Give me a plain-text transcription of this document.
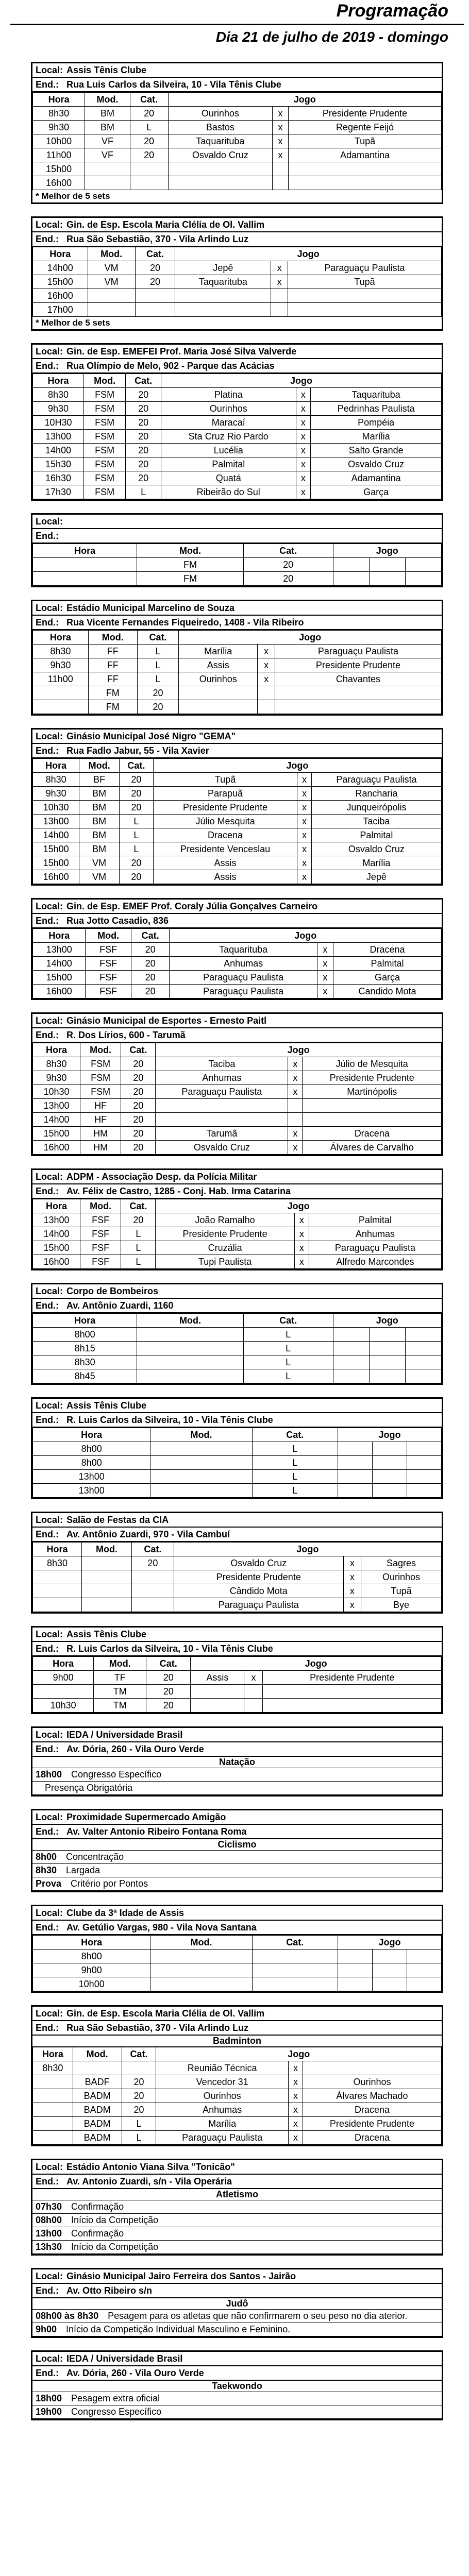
Programação
Dia 21 de julho de 2019 - domingo
Local: Assis Tênis Clube
End.: Rua Luis Carlos da Silveira, 10 - Vila Tênis Clube
Hora	Mod.	Cat.	Jogo		
8h30	BM	20	Ourinhos	x	Presidente Prudente
9h30	BM	L	Bastos	x	Regente Feijó
10h00	VF	20	Taquarituba	x	Tupã
11h00	VF	20	Osvaldo Cruz	x	Adamantina
15h00					
16h00					
* Melhor de 5 sets
Local: Gin. de Esp. Escola Maria Clélia de Ol. Vallim
End.: Rua São Sebastião, 370 - Vila Arlindo Luz
Hora	Mod.	Cat.	Jogo		
14h00	VM	20	Jepê	x	Paraguaçu Paulista
15h00	VM	20	Taquarituba	x	Tupã
16h00					
17h00					
* Melhor de 5 sets
Local: Gin. de Esp. EMEFEI Prof. Maria José Silva Valverde
End.: Rua Olímpio de Melo, 902 - Parque das Acácias
Hora	Mod.	Cat.	Jogo		
8h30	FSM	20	Platina	x	Taquarituba
9h30	FSM	20	Ourinhos	x	Pedrinhas Paulista
10H30	FSM	20	Maracaí	x	Pompéia
13h00	FSM	20	Sta Cruz Rio Pardo	x	Marília
14h00	FSM	20	Lucélia	x	Salto Grande
15h30	FSM	20	Palmital	x	Osvaldo Cruz
16h30	FSM	20	Quatá	x	Adamantina
17h30	FSM	L	Ribeirão do Sul	x	Garça
Local:
End.:
Hora	Mod.	Cat.	Jogo		
	FM	20			
	FM	20			
Local: Estádio Municipal Marcelino de Souza
End.: Rua Vicente Fernandes Fiqueiredo, 1408 - Vila Ribeiro
Hora	Mod.	Cat.	Jogo		
8h30	FF	L	Marília	x	Paraguaçu Paulista
9h30	FF	L	Assis	x	Presidente Prudente
11h00	FF	L	Ourinhos	x	Chavantes
	FM	20			
	FM	20			
Local: Ginásio Municipal José Nigro "GEMA"
End.: Rua Fadlo Jabur, 55 - Vila Xavier
Hora	Mod.	Cat.	Jogo		
8h30	BF	20	Tupã	x	Paraguaçu Paulista
9h30	BM	20	Parapuã	x	Rancharia
10h30	BM	20	Presidente Prudente	x	Junqueirópolis
13h00	BM	L	Júlio Mesquita	x	Taciba
14h00	BM	L	Dracena	x	Palmital
15h00	BM	L	Presidente Venceslau	x	Osvaldo Cruz
15h00	VM	20	Assis	x	Marília
16h00	VM	20	Assis	x	Jepê
Local: Gin. de Esp. EMEF Prof. Coraly Júlia Gonçalves Carneiro
End.: Rua Jotto Casadio, 836
Hora	Mod.	Cat.	Jogo		
13h00	FSF	20	Taquarituba	x	Dracena
14h00	FSF	20	Anhumas	x	Palmital
15h00	FSF	20	Paraguaçu Paulista	x	Garça
16h00	FSF	20	Paraguaçu Paulista	x	Candido Mota
Local: Ginásio Municipal de Esportes - Ernesto Paitl
End.: R. Dos Lírios, 600 - Tarumã
Hora	Mod.	Cat.	Jogo		
8h30	FSM	20	Taciba	x	Júlio de Mesquita
9h30	FSM	20	Anhumas	x	Presidente Prudente
10h30	FSM	20	Paraguaçu Paulista	x	Martinópolis
13h00	HF	20			
14h00	HF	20			
15h00	HM	20	Tarumã	x	Dracena
16h00	HM	20	Osvaldo Cruz	x	Álvares de Carvalho
Local: ADPM - Associação Desp. da Polícia Militar
End.: Av. Félix de Castro, 1285 - Conj. Hab. Irma Catarina
Hora	Mod.	Cat.	Jogo		
13h00	FSF	20	João Ramalho	x	Palmital
14h00	FSF	L	Presidente Prudente	x	Anhumas
15h00	FSF	L	Cruzália	x	Paraguaçu Paulista
16h00	FSF	L	Tupi Paulista	x	Alfredo Marcondes
Local: Corpo de Bombeiros
End.: Av. Antônio Zuardi, 1160
Hora	Mod.	Cat.	Jogo		
8h00		L			
8h15		L			
8h30		L			
8h45		L			
Local: Assis Tênis Clube
End.: R. Luis Carlos da Silveira, 10 - Vila Tênis Clube
Hora	Mod.	Cat.	Jogo		
8h00		L			
8h00		L			
13h00		L			
13h00		L			
Local: Salão de Festas da CIA
End.: Av. Antônio Zuardi, 970 - Vila Cambuí
Hora	Mod.	Cat.	Jogo		
8h30		20	Osvaldo Cruz	x	Sagres
			Presidente Prudente	x	Ourinhos
			Cândido Mota	x	Tupã
			Paraguaçu Paulista	x	Bye
Local: Assis Tênis Clube
End.: R. Luis Carlos da Silveira, 10 - Vila Tênis Clube
Hora	Mod.	Cat.	Jogo		
9h00	TF	20	Assis	x	Presidente Prudente
	TM	20			
10h30	TM	20			
Local: IEDA / Universidade Brasil
End.: Av. Dória, 260 - Vila Ouro Verde
Natação
18h00 Congresso Específico
Presença Obrigatória
Local: Proximidade Supermercado Amigão
End.: Av. Valter Antonio Ribeiro Fontana Roma
Ciclismo
8h00 Concentração
8h30 Largada
Prova Critério por Pontos
Local: Clube da 3ª Idade de Assis
End.: Av. Getúlio Vargas, 980 - Vila Nova Santana
Hora	Mod.	Cat.	Jogo		
8h00					
9h00					
10h00					
Local: Gin. de Esp. Escola Maria Clélia de Ol. Vallim
End.: Rua São Sebastião, 370 - Vila Arlindo Luz
Badminton
Hora	Mod.	Cat.	Jogo		
8h30			Reunião Técnica	x	
	BADF	20	Vencedor 31	x	Ourinhos
	BADM	20	Ourinhos	x	Álvares Machado
	BADM	20	Anhumas	x	Dracena
	BADM	L	Marília	x	Presidente Prudente
	BADM	L	Paraguaçu Paulista	x	Dracena
Local: Estádio Antonio Viana Silva "Tonicão"
End.: Av. Antonio Zuardi, s/n - Vila Operária
Atletismo
07h30 Confirmação
08h00 Início da Competição
13h00 Confirmação
13h30 Início da Competição
Local: Ginásio Municipal Jairo Ferreira dos Santos - Jairão
End.: Av. Otto Ribeiro s/n
Judô
08h00 às 8h30 Pesagem para os atletas que não confirmarem o seu peso no dia aterior.
9h00 Início da Competição Individual Masculino e Feminino.
Local: IEDA / Universidade Brasil
End.: Av. Dória, 260 - Vila Ouro Verde
Taekwondo
18h00 Pesagem extra oficial
19h00 Congresso Específico
